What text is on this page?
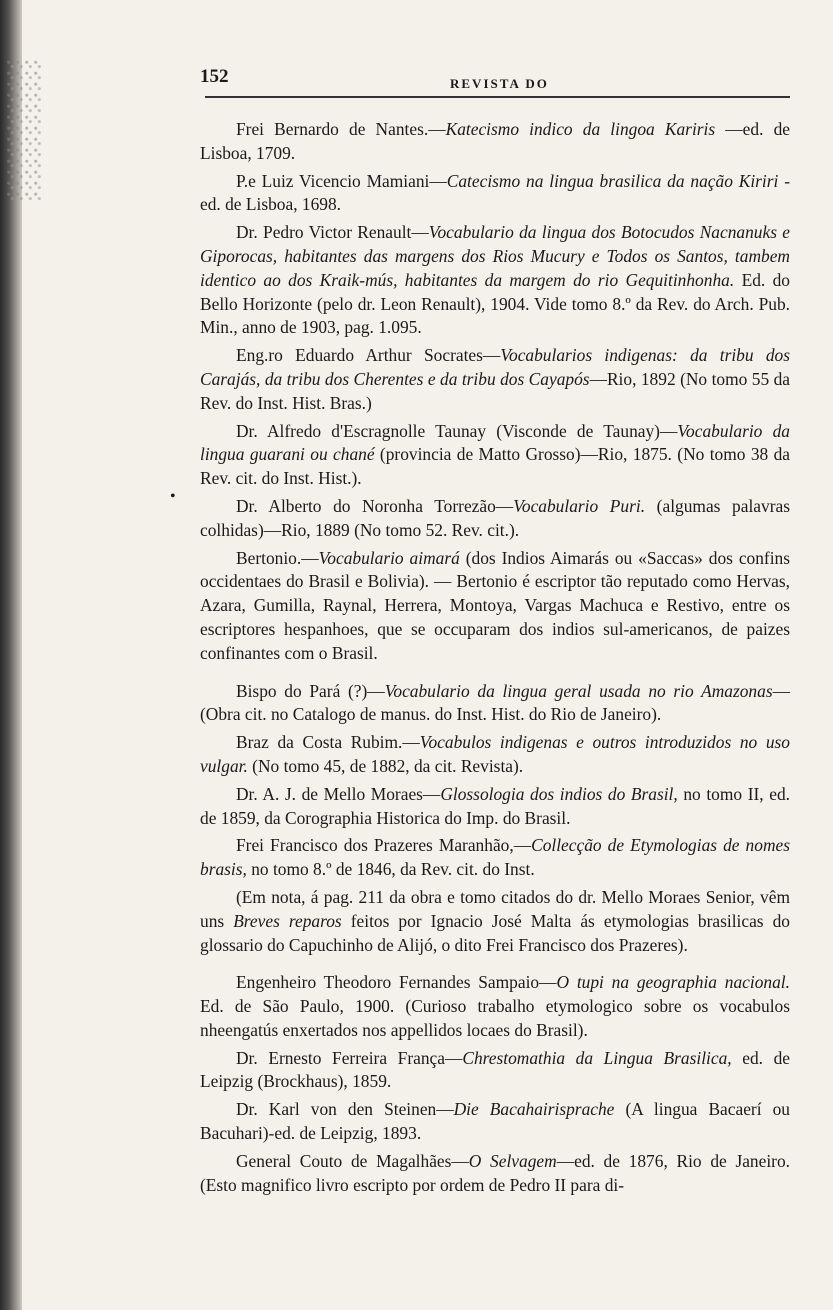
152	REVISTA DO
•

Frei Bernardo de Nantes.—Katecismo indico da lingoa Kariris —ed. de Lisboa, 1709.

P.e Luiz Vicencio Mamiani—Catecismo na lingua brasilica da nação Kiriri -ed. de Lisboa, 1698.

Dr. Pedro Victor Renault—Vocabulario da lingua dos Botocudos Nacnanuks e Giporocas, habitantes das margens dos Rios Mucury e Todos os Santos, tambem identico ao dos Kraik-mús, habitantes da margem do rio Gequitinhonha. Ed. do Bello Horizonte (pelo dr. Leon Renault), 1904. Vide tomo 8.º da Rev. do Arch. Pub. Min., anno de 1903, pag. 1.095.

Eng.ro Eduardo Arthur Socrates—Vocabularios indigenas: da tribu dos Carajás, da tribu dos Cherentes e da tribu dos Cayapós—Rio, 1892 (No tomo 55 da Rev. do Inst. Hist. Bras.)

Dr. Alfredo d'Escragnolle Taunay (Visconde de Taunay)—Vocabulario da lingua guarani ou chané (provincia de Matto Grosso)—Rio, 1875. (No tomo 38 da Rev. cit. do Inst. Hist.).

Dr. Alberto do Noronha Torrezão—Vocabulario Puri. (algumas palavras colhidas)—Rio, 1889 (No tomo 52. Rev. cit.).

Bertonio.—Vocabulario aimará (dos Indios Aimarás ou «Saccas» dos confins occidentaes do Brasil e Bolivia). — Bertonio é escriptor tão reputado como Hervas, Azara, Gumilla, Raynal, Herrera, Montoya, Vargas Machuca e Restivo, entre os escriptores hespanhoes, que se occuparam dos indios sul-americanos, de paizes confinantes com o Brasil.

Bispo do Pará (?)—Vocabulario da lingua geral usada no rio Amazonas—(Obra cit. no Catalogo de manus. do Inst. Hist. do Rio de Janeiro).

Braz da Costa Rubim.—Vocabulos indigenas e outros introduzidos no uso vulgar. (No tomo 45, de 1882, da cit. Revista).

Dr. A. J. de Mello Moraes—Glossologia dos indios do Brasil, no tomo II, ed. de 1859, da Corographia Historica do Imp. do Brasil.

Frei Francisco dos Prazeres Maranhão,—Collecção de Etymologias de nomes brasis, no tomo 8.º de 1846, da Rev. cit. do Inst.

(Em nota, á pag. 211 da obra e tomo citados do dr. Mello Moraes Senior, vêm uns Breves reparos feitos por Ignacio José Malta ás etymologias brasilicas do glossario do Capuchinho de Alijó, o dito Frei Francisco dos Prazeres).

Engenheiro Theodoro Fernandes Sampaio—O tupi na geographia nacional. Ed. de São Paulo, 1900. (Curioso trabalho etymologico sobre os vocabulos nheengatús enxertados nos appellidos locaes do Brasil).

Dr. Ernesto Ferreira França—Chrestomathia da Lingua Brasilica, ed. de Leipzig (Brockhaus), 1859.

Dr. Karl von den Steinen—Die Bacahairisprache (A lingua Bacaerí ou Bacuhari)-ed. de Leipzig, 1893.

General Couto de Magalhães—O Selvagem—ed. de 1876, Rio de Janeiro. (Esto magnifico livro escripto por ordem de Pedro II para di-
